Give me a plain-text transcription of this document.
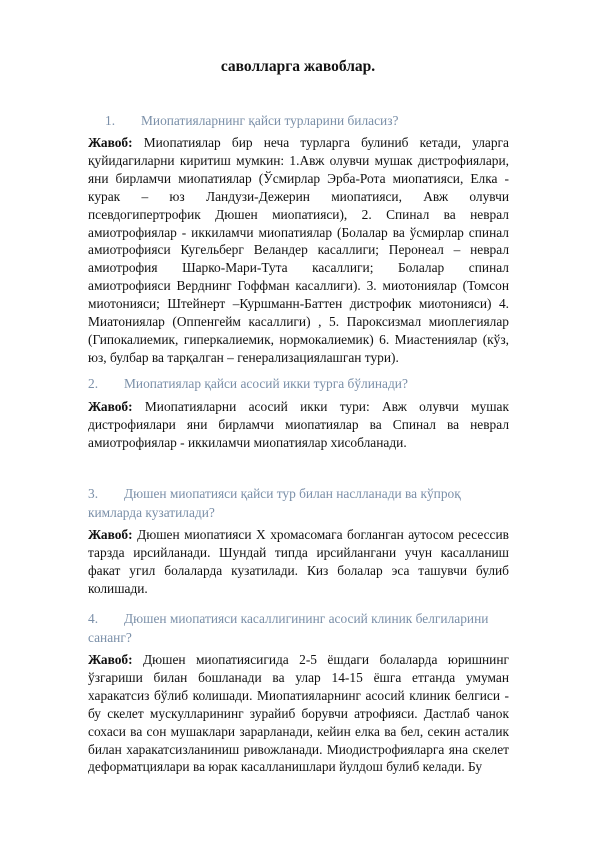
саволларга жавоблар.
1. Миопатияларнинг қайси турларини биласиз?
Жавоб: Миопатиялар бир неча турларга булиниб кетади, уларга қуйидагиларни киритиш мумкин: 1.Авж олувчи мушак дистрофиялари, яни бирламчи миопатиялар (Ўсмирлар Эрба-Рота миопатияси, Елка - курак – юз Ландузи-Дежерин миопатияси, Авж олувчи псевдогипертрофик Дюшен миопатияси), 2. Спинал ва неврал амиотрофиялар - иккиламчи миопатиялар (Болалар ва ўсмирлар спинал амиотрофияси Кугельберг Веландер касаллиги; Перонеал – неврал амиотрофия Шарко-Мари-Тута касаллиги; Болалар спинал амиотрофияси Верднинг Гоффман касаллиги). 3. миотониялар (Томсон миотонияси; Штейнерт –Куршманн-Баттен дистрофик миотонияси) 4. Миатониялар (Оппенгейм касаллиги) , 5. Пароксизмал миоплегиялар (Гипокалиемик, гиперкалиемик, нормокалиемик) 6. Миастениялар (кўз, юз, булбар ва тарқалган – генерализациялашган тури).
2. Миопатиялар қайси асосий икки турга бўлинади?
Жавоб: Миопатияларни асосий икки тури: Авж олувчи мушак дистрофиялари яни бирламчи миопатиялар ва Спинал ва неврал амиотрофиялар - иккиламчи миопатиялар хисобланади.
3. Дюшен миопатияси қайси тур билан наслланади ва кўпроқ кимларда кузатилади?
Жавоб: Дюшен миопатияси Х хромасомага богланган аутосом ресессив тарзда ирсийланади. Шундай типда ирсийлангани учун касалланиш факат угил болаларда кузатилади. Киз болалар эса ташувчи булиб колишади.
4. Дюшен миопатияси касаллигининг асосий клиник белгиларини сананг?
Жавоб: Дюшен миопатиясигида 2-5 ёшдаги болаларда юришнинг ўзгариши билан бошланади ва улар 14-15 ёшга етганда умуман харакатсиз бўлиб колишади. Миопатияларнинг асосий клиник белгиси - бу скелет мускулларининг зурайиб борувчи атрофияси. Дастлаб чанок сохаси ва сон мушаклари зарарланади, кейин елка ва бел, секин асталик билан харакатсизланиниш ривожланади. Миодистрофияларга яна скелет деформатциялари ва юрак касалланишлари йулдош булиб келади. Бу
